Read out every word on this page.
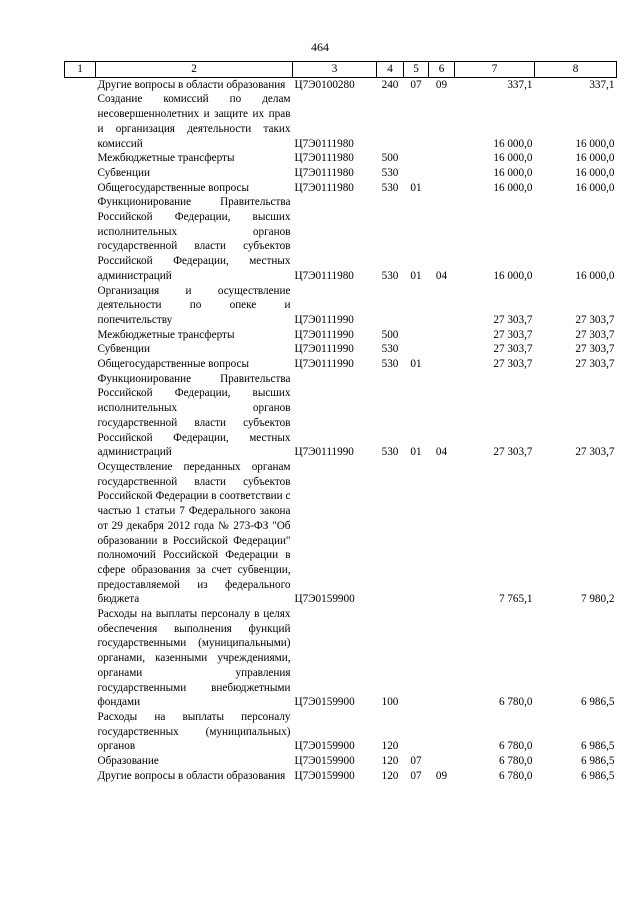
464
1	2	3	4	5	6	7	8
	Другие вопросы в области образования	Ц7Э0100280	240	07	09	337,1	337,1
	Создание комиссий по делам несовершеннолетних и защите их прав и организация деятельности таких комиссий	Ц7Э0111980				16 000,0	16 000,0
	Межбюджетные трансферты	Ц7Э0111980	500			16 000,0	16 000,0
	Субвенции	Ц7Э0111980	530			16 000,0	16 000,0
	Общегосударственные вопросы	Ц7Э0111980	530	01		16 000,0	16 000,0
	Функционирование Правительства Российской Федерации, высших исполнительных органов государственной власти субъектов Российской Федерации, местных администраций	Ц7Э0111980	530	01	04	16 000,0	16 000,0
	Организация и осуществление деятельности по опеке и попечительству	Ц7Э0111990				27 303,7	27 303,7
	Межбюджетные трансферты	Ц7Э0111990	500			27 303,7	27 303,7
	Субвенции	Ц7Э0111990	530			27 303,7	27 303,7
	Общегосударственные вопросы	Ц7Э0111990	530	01		27 303,7	27 303,7
	Функционирование Правительства Российской Федерации, высших исполнительных органов государственной власти субъектов Российской Федерации, местных администраций	Ц7Э0111990	530	01	04	27 303,7	27 303,7
	Осуществление переданных органам государственной власти субъектов Российской Федерации в соответствии с частью 1 статьи 7 Федерального закона от 29 декабря 2012 года № 273-ФЗ "Об образовании в Российской Федерации" полномочий Российской Федерации в сфере образования за счет субвенции, предоставляемой из федерального бюджета	Ц7Э0159900				7 765,1	7 980,2
	Расходы на выплаты персоналу в целях обеспечения выполнения функций государственными (муниципальными) органами, казенными учреждениями, органами управления государственными внебюджетными фондами	Ц7Э0159900	100			6 780,0	6 986,5
	Расходы на выплаты персоналу государственных (муниципальных) органов	Ц7Э0159900	120			6 780,0	6 986,5
	Образование	Ц7Э0159900	120	07		6 780,0	6 986,5
	Другие вопросы в области образования	Ц7Э0159900	120	07	09	6 780,0	6 986,5
